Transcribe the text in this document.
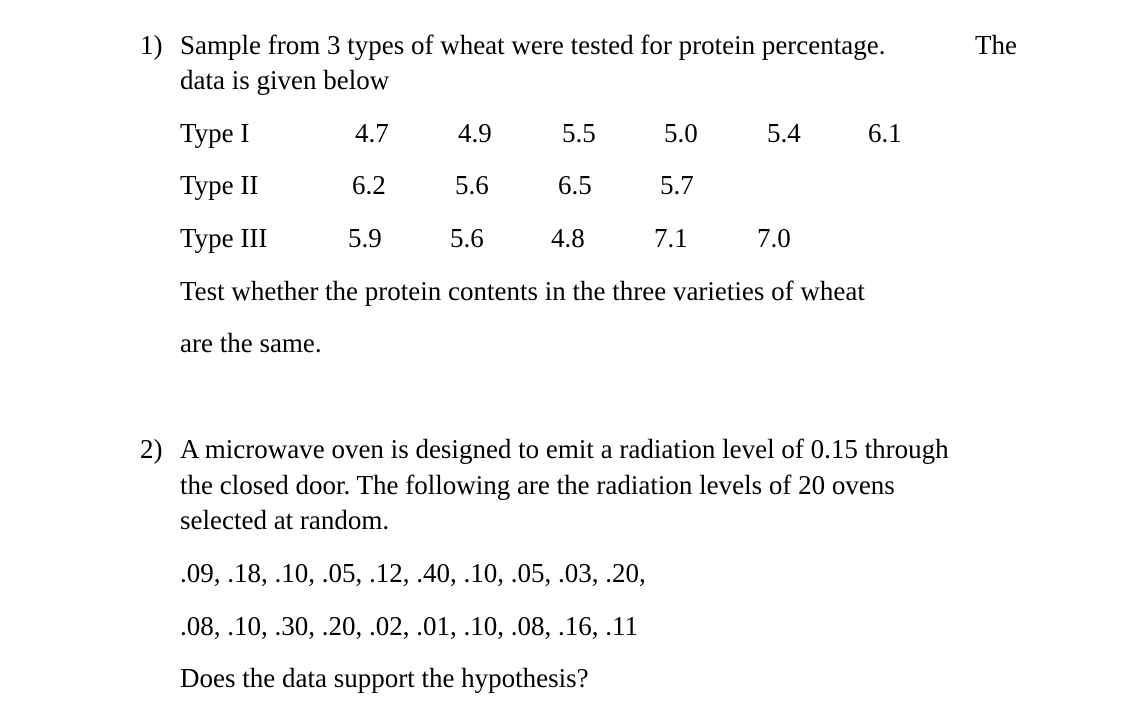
1) Sample from 3 types of wheat were tested for protein percentage.	The
data is given below
Type I	4.7	4.9	5.5	5.0	5.4 6.1
Type II	6.2	5.6	6.5	5.7
Type III	5.9	5.6 4.8	7.1	7.0
Test whether the protein contents in the three varieties of wheat
are the same.
2) A microwave oven is designed to emit a radiation level of 0.15 through
the closed door. The following are the radiation levels of 20 ovens
selected at random.
.09, .18, .10, .05, .12, .40, .10, .05, .03, .20,
.08, .10, .30, .20, .02, .01, .10, .08, .16, .11
Does the data support the hypothesis?
